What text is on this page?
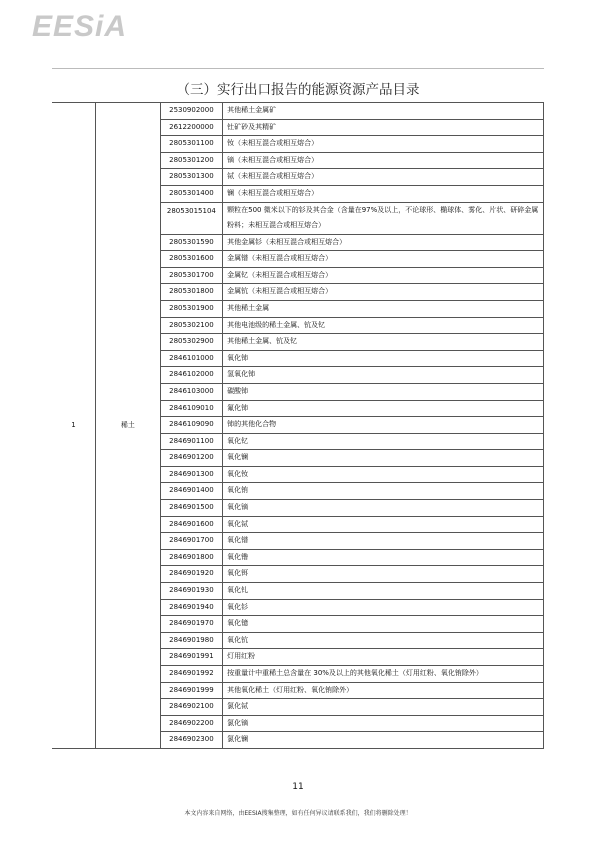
EESiA
（三）实行出口报告的能源资源产品目录
1	稀土	2530902000	其他稀土金属矿
		2612200000	钍矿砂及其精矿
		2805301100	钕（未相互混合或相互熔合）
		2805301200	镝（未相互混合或相互熔合）
		2805301300	铽（未相互混合或相互熔合）
		2805301400	镧（未相互混合或相互熔合）
		28053015104	颗粒在500 微米以下的钐及其合金（含量在97%及以上，不论球形、椭球体、雾化、片状、研碎金属粉料；未相互混合或相互熔合）
		2805301590	其他金属钐（未相互混合或相互熔合）
		2805301600	金属镨（未相互混合或相互熔合）
		2805301700	金属钇（未相互混合或相互熔合）
		2805301800	金属钪（未相互混合或相互熔合）
		2805301900	其他稀土金属
		2805302100	其他电池级的稀土金属、钪及钇
		2805302900	其他稀土金属、钪及钇
		2846101000	氧化铈
		2846102000	氢氧化铈
		2846103000	碳酸铈
		2846109010	氟化铈
		2846109090	铈的其他化合物
		2846901100	氧化钇
		2846901200	氧化镧
		2846901300	氧化钕
		2846901400	氧化铕
		2846901500	氧化镝
		2846901600	氧化铽
		2846901700	氧化镨
		2846901800	氧化镥
		2846901920	氧化铒
		2846901930	氧化钆
		2846901940	氧化钐
		2846901970	氧化镱
		2846901980	氧化钪
		2846901991	灯用红粉
		2846901992	按重量计中重稀土总含量在 30%及以上的其他氧化稀土（灯用红粉、氧化铕除外）
		2846901999	其他氧化稀土（灯用红粉、氧化铕除外）
		2846902100	氯化铽
		2846902200	氯化镝
		2846902300	氯化镧
11
本文内容来自网络，由EESIA搜集整理，如有任何异议请联系我们，我们将删除处理！
